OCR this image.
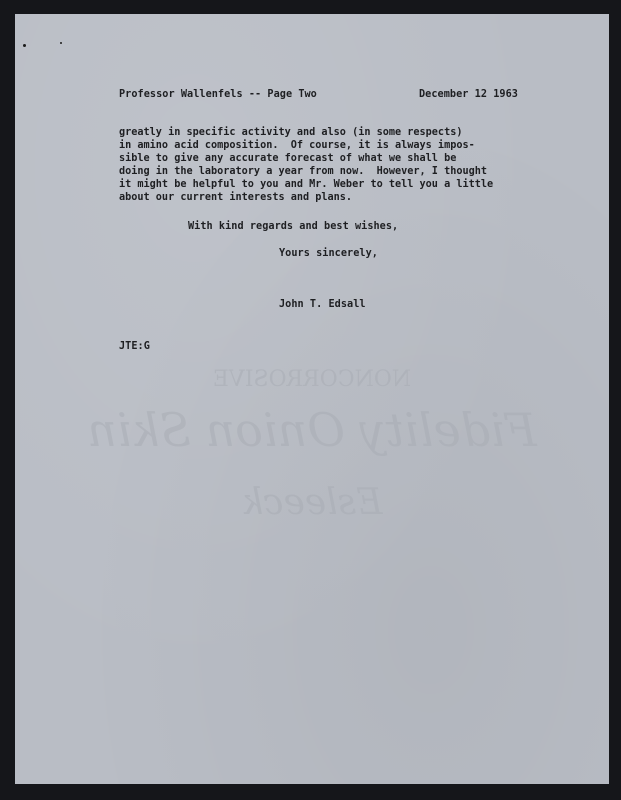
NONCORROSIVE
Fidelity Onion Skin
Esleeck
Professor Wallenfels -- Page Two	December 12 1963
greatly in specific activity and also (in some respects)
in amino acid composition.  Of course, it is always impos-
sible to give any accurate forecast of what we shall be
doing in the laboratory a year from now.  However, I thought
it might be helpful to you and Mr. Weber to tell you a little
about our current interests and plans.
With kind regards and best wishes,
Yours sincerely,
John T. Edsall
JTE:G
